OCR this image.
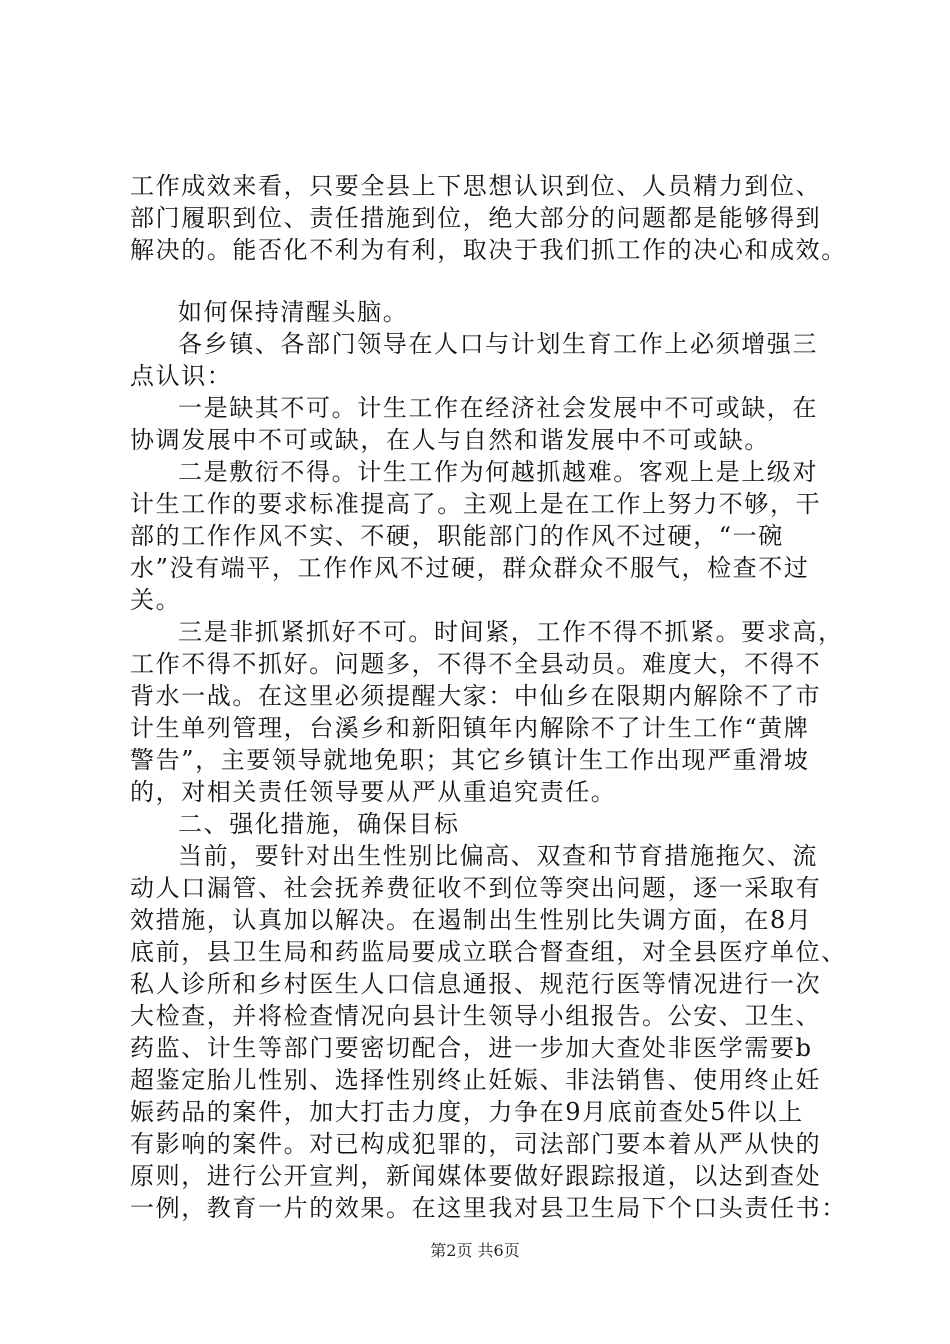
工作成效来看，只要全县上下思想认识到位、人员精力到位、
部门履职到位、责任措施到位，绝大部分的问题都是能够得到
解决的。能否化不利为有利，取决于我们抓工作的决心和成效。
如何保持清醒头脑。
各乡镇、各部门领导在人口与计划生育工作上必须增强三
点认识：
一是缺其不可。计生工作在经济社会发展中不可或缺，在
协调发展中不可或缺，在人与自然和谐发展中不可或缺。
二是敷衍不得。计生工作为何越抓越难。客观上是上级对
计生工作的要求标准提高了。主观上是在工作上努力不够，干
部的工作作风不实、不硬，职能部门的作风不过硬，“一碗
水”没有端平，工作作风不过硬，群众群众不服气，检查不过
关。
三是非抓紧抓好不可。时间紧，工作不得不抓紧。要求高，
工作不得不抓好。问题多，不得不全县动员。难度大，不得不
背水一战。在这里必须提醒大家：中仙乡在限期内解除不了市
计生单列管理，台溪乡和新阳镇年内解除不了计生工作“黄牌
警告”，主要领导就地免职；其它乡镇计生工作出现严重滑坡
的，对相关责任领导要从严从重追究责任。
二、强化措施，确保目标
当前，要针对出生性别比偏高、双查和节育措施拖欠、流
动人口漏管、社会抚养费征收不到位等突出问题，逐一采取有
效措施，认真加以解决。在遏制出生性别比失调方面，在8月
底前，县卫生局和药监局要成立联合督查组，对全县医疗单位、
私人诊所和乡村医生人口信息通报、规范行医等情况进行一次
大检查，并将检查情况向县计生领导小组报告。公安、卫生、
药监、计生等部门要密切配合，进一步加大查处非医学需要b
超鉴定胎儿性别、选择性别终止妊娠、非法销售、使用终止妊
娠药品的案件，加大打击力度，力争在9月底前查处5件以上
有影响的案件。对已构成犯罪的，司法部门要本着从严从快的
原则，进行公开宣判，新闻媒体要做好跟踪报道，以达到查处
一例，教育一片的效果。在这里我对县卫生局下个口头责任书：
第2页 共6页
